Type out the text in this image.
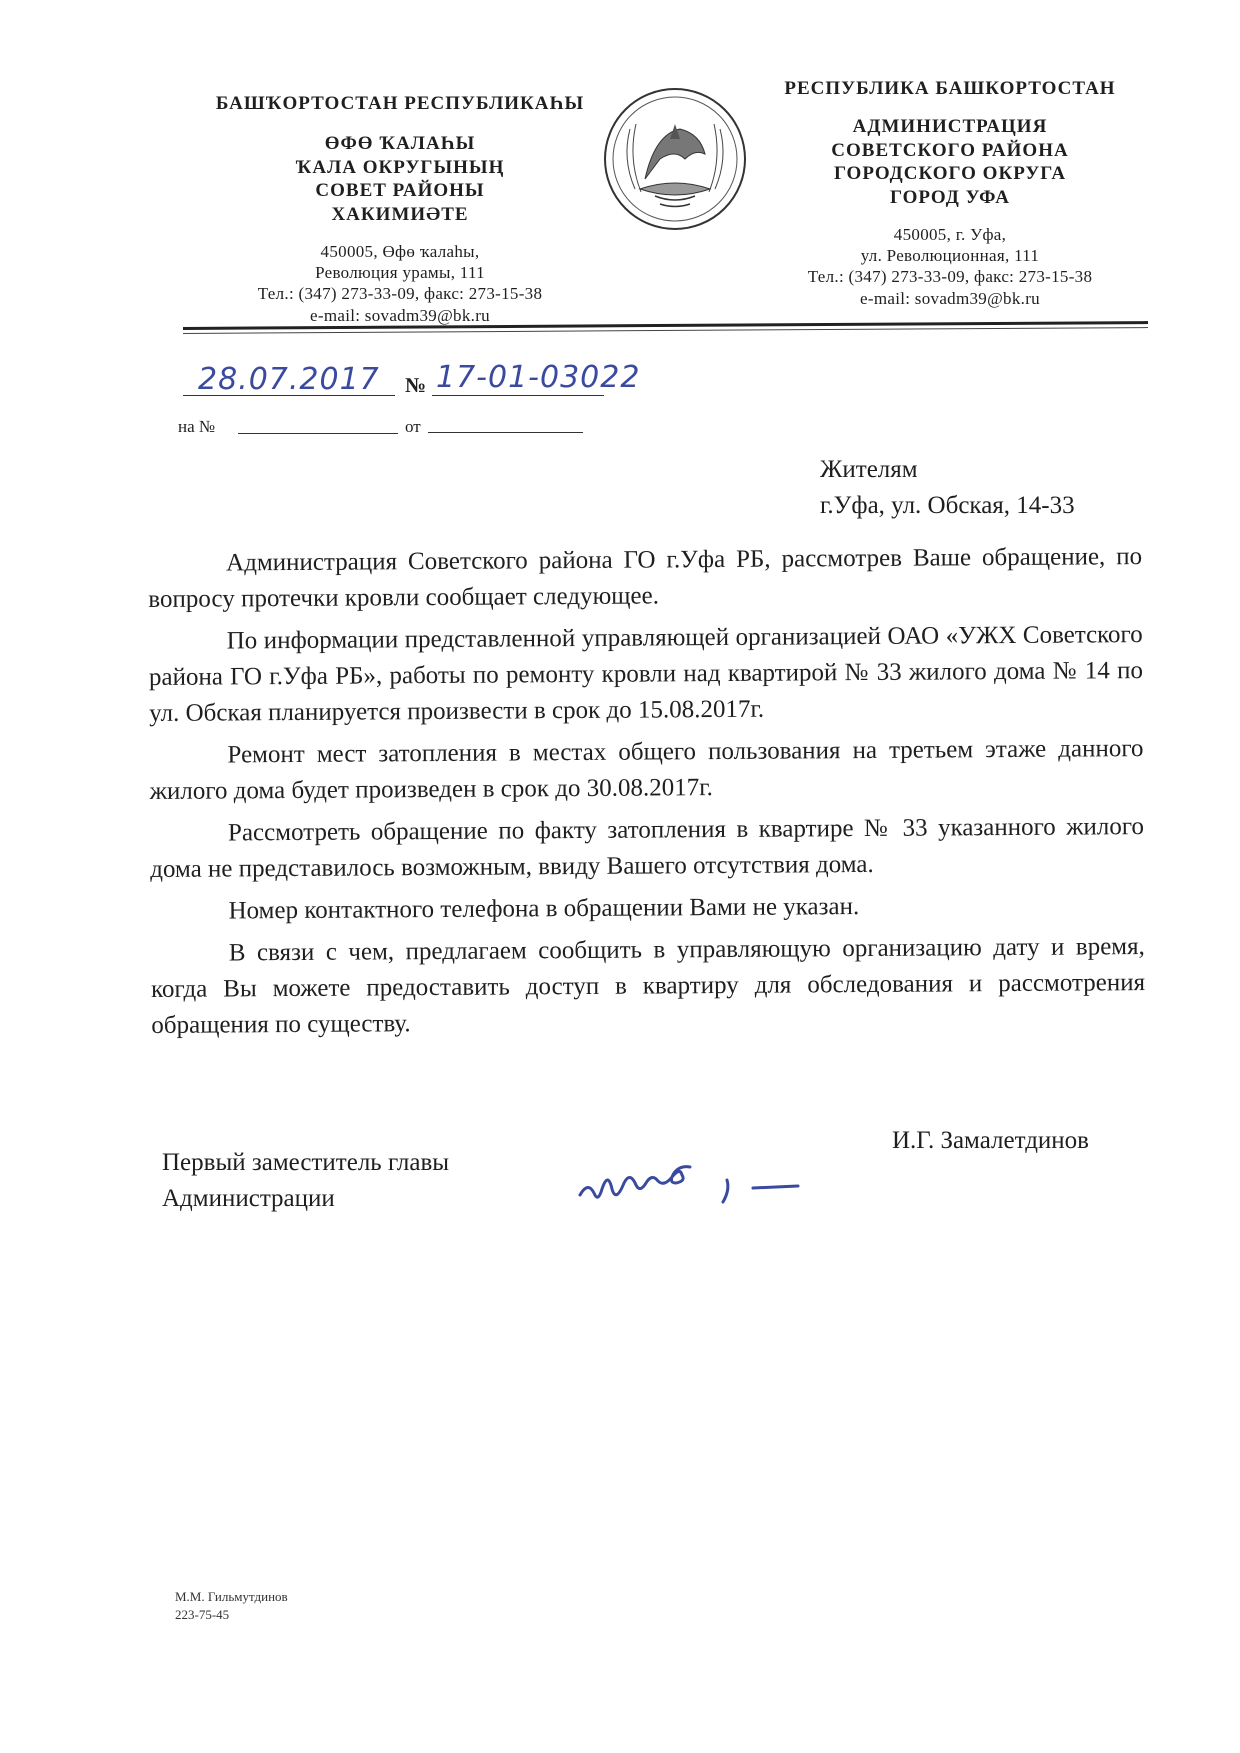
БАШҠОРТОСТАН РЕСПУБЛИКАҺЫ
ӨФӨ ҠАЛАҺЫ
ҠАЛА ОКРУГЫНЫҢ
СОВЕТ РАЙОНЫ
ХАКИМИӘТЕ
450005, Өфө ҡалаһы,
Революция урамы, 111
Тел.: (347) 273-33-09, факс: 273-15-38
e-mail: sovadm39@bk.ru
РЕСПУБЛИКА БАШКОРТОСТАН
АДМИНИСТРАЦИЯ
СОВЕТСКОГО РАЙОНА
ГОРОДСКОГО ОКРУГА
ГОРОД УФА
450005, г. Уфа,
ул. Революционная, 111
Тел.: (347) 273-33-09, факс: 273-15-38
e-mail: sovadm39@bk.ru
28.07.2017 № 17-01-03022
на №	от
Жителям
г.Уфа, ул. Обская, 14-33

Администрация Советского района ГО г.Уфа РБ, рассмотрев Ваше обращение, по вопросу протечки кровли сообщает следующее.

По информации представленной управляющей организацией ОАО «УЖХ Советского района ГО г.Уфа РБ», работы по ремонту кровли над квартирой № 33 жилого дома № 14 по ул. Обская планируется произвести в срок до 15.08.2017г.

Ремонт мест затопления в местах общего пользования на третьем этаже данного жилого дома будет произведен в срок до 30.08.2017г.

Рассмотреть обращение по факту затопления в квартире № 33 указанного жилого дома не представилось возможным, ввиду Вашего отсутствия дома.

Номер контактного телефона в обращении Вами не указан.

В связи с чем, предлагаем сообщить в управляющую организацию дату и время, когда Вы можете предоставить доступ в квартиру для обследования и рассмотрения обращения по существу.

Первый заместитель главы
Администрации
И.Г. Замалетдинов
М.М. Гильмутдинов
223-75-45
